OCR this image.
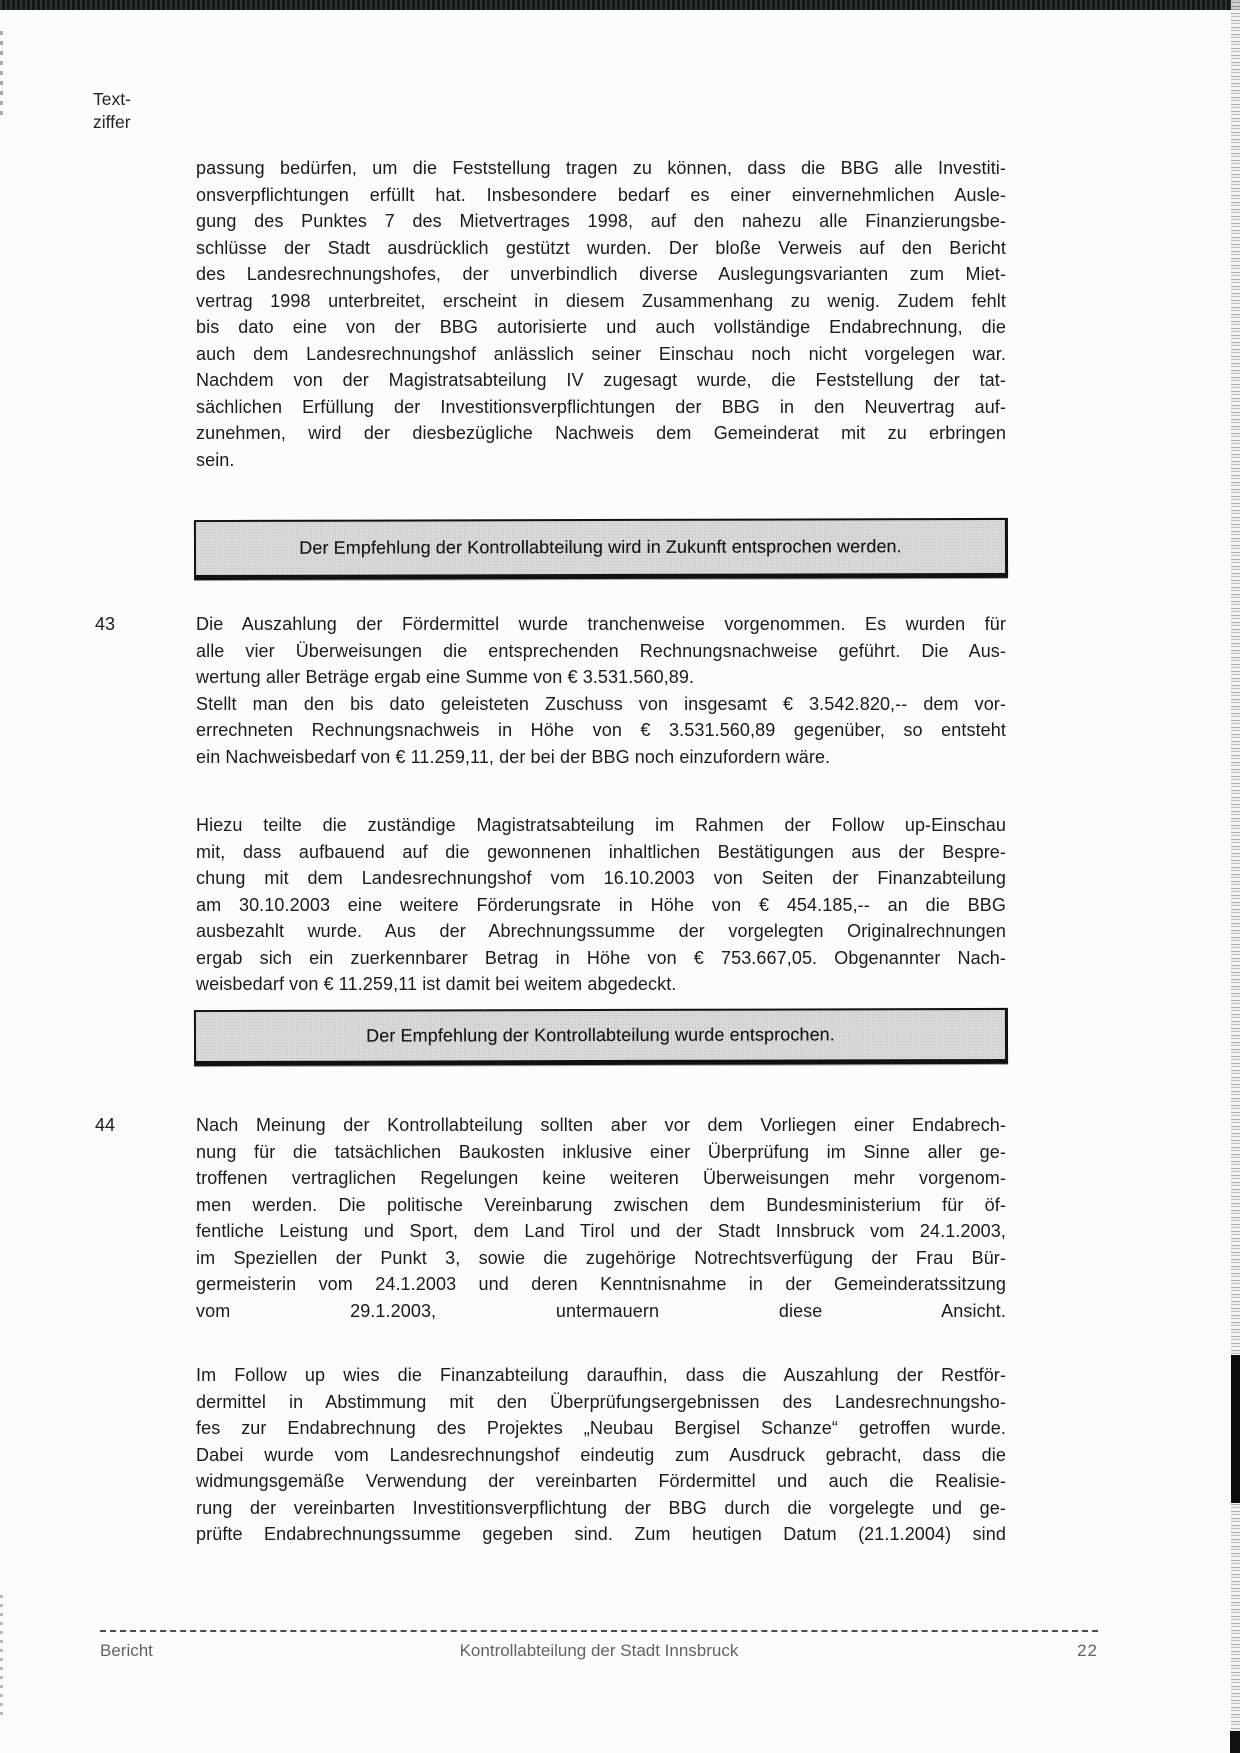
Text-
ziffer
43
44
passung bedürfen, um die Feststellung tragen zu können, dass die BBG alle Investiti-
onsverpflichtungen erfüllt hat. Insbesondere bedarf es einer einvernehmlichen Ausle-
gung des Punktes 7 des Mietvertrages 1998, auf den nahezu alle Finanzierungsbe-
schlüsse der Stadt ausdrücklich gestützt wurden. Der bloße Verweis auf den Bericht
des Landesrechnungshofes, der unverbindlich diverse Auslegungsvarianten zum Miet-
vertrag 1998 unterbreitet, erscheint in diesem Zusammenhang zu wenig. Zudem fehlt
bis dato eine von der BBG autorisierte und auch vollständige Endabrechnung, die
auch dem Landesrechnungshof anlässlich seiner Einschau noch nicht vorgelegen war.
Nachdem von der Magistratsabteilung IV zugesagt wurde, die Feststellung der tat-
sächlichen Erfüllung der Investitionsverpflichtungen der BBG in den Neuvertrag auf-
zunehmen, wird der diesbezügliche Nachweis dem Gemeinderat mit zu erbringen
sein.
Der Empfehlung der Kontrollabteilung wird in Zukunft entsprochen werden.
Die Auszahlung der Fördermittel wurde tranchenweise vorgenommen. Es wurden für
alle vier Überweisungen die entsprechenden Rechnungsnachweise geführt. Die Aus-
wertung aller Beträge ergab eine Summe von € 3.531.560,89.
Stellt man den bis dato geleisteten Zuschuss von insgesamt € 3.542.820,-- dem vor-
errechneten Rechnungsnachweis in Höhe von € 3.531.560,89 gegenüber, so entsteht
ein Nachweisbedarf von € 11.259,11, der bei der BBG noch einzufordern wäre.
Hiezu teilte die zuständige Magistratsabteilung im Rahmen der Follow up-Einschau
mit, dass aufbauend auf die gewonnenen inhaltlichen Bestätigungen aus der Bespre-
chung mit dem Landesrechnungshof vom 16.10.2003 von Seiten der Finanzabteilung
am 30.10.2003 eine weitere Förderungsrate in Höhe von € 454.185,-- an die BBG
ausbezahlt wurde. Aus der Abrechnungssumme der vorgelegten Originalrechnungen
ergab sich ein zuerkennbarer Betrag in Höhe von € 753.667,05. Obgenannter Nach-
weisbedarf von € 11.259,11 ist damit bei weitem abgedeckt.
Der Empfehlung der Kontrollabteilung wurde entsprochen.
Nach Meinung der Kontrollabteilung sollten aber vor dem Vorliegen einer Endabrech-
nung für die tatsächlichen Baukosten inklusive einer Überprüfung im Sinne aller ge-
troffenen vertraglichen Regelungen keine weiteren Überweisungen mehr vorgenom-
men werden. Die politische Vereinbarung zwischen dem Bundesministerium für öf-
fentliche Leistung und Sport, dem Land Tirol und der Stadt Innsbruck vom 24.1.2003,
im Speziellen der Punkt 3, sowie die zugehörige Notrechtsverfügung der Frau Bür-
germeisterin vom 24.1.2003 und deren Kenntnisnahme in der Gemeinderatssitzung
vom 29.1.2003, untermauern diese Ansicht.
Im Follow up wies die Finanzabteilung daraufhin, dass die Auszahlung der Restför-
dermittel in Abstimmung mit den Überprüfungsergebnissen des Landesrechnungsho-
fes zur Endabrechnung des Projektes „Neubau Bergisel Schanze“ getroffen wurde.
Dabei wurde vom Landesrechnungshof eindeutig zum Ausdruck gebracht, dass die
widmungsgemäße Verwendung der vereinbarten Fördermittel und auch die Realisie-
rung der vereinbarten Investitionsverpflichtung der BBG durch die vorgelegte und ge-
prüfte Endabrechnungssumme gegeben sind. Zum heutigen Datum (21.1.2004) sind
Bericht	Kontrollabteilung der Stadt Innsbruck	22
